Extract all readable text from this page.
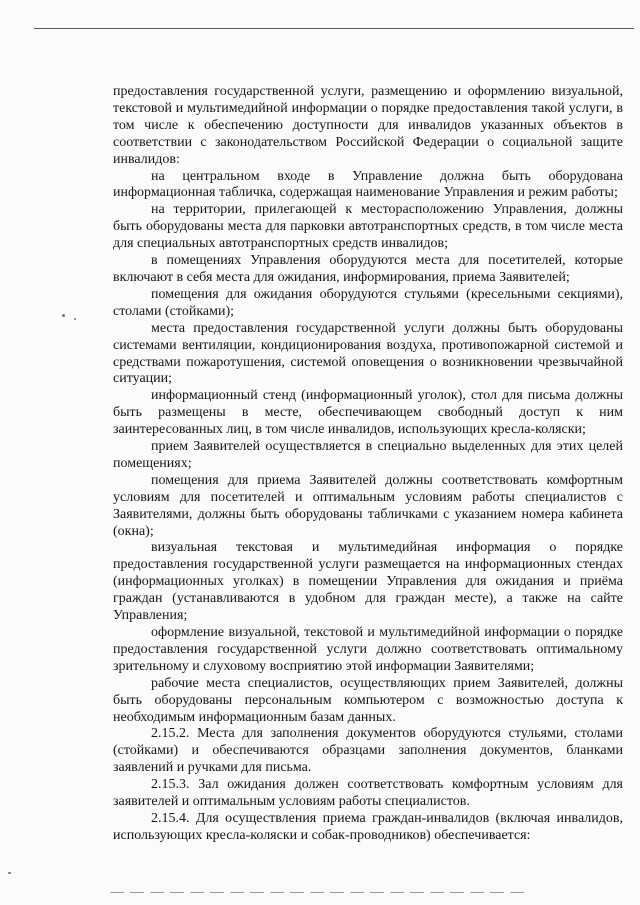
предоставления государственной услуги, размещению и оформлению визуальной, текстовой и мультимедийной информации о порядке предоставления такой услуги, в том числе к обеспечению доступности для инвалидов указанных объектов в соответствии с законодательством Российской Федерации о социальной защите инвалидов:

на центральном входе в Управление должна быть оборудована информационная табличка, содержащая наименование Управления и режим работы;

на территории, прилегающей к месторасположению Управления, должны быть оборудованы места для парковки автотранспортных средств, в том числе места для специальных автотранспортных средств инвалидов;

в помещениях Управления оборудуются места для посетителей, которые включают в себя места для ожидания, информирования, приема Заявителей;

помещения для ожидания оборудуются стульями (кресельными секциями), столами (стойками);

места предоставления государственной услуги должны быть оборудованы системами вентиляции, кондиционирования воздуха, противопожарной системой и средствами пожаротушения, системой оповещения о возникновении чрезвычайной ситуации;

информационный стенд (информационный уголок), стол для письма должны быть размещены в месте, обеспечивающем свободный доступ к ним заинтересованных лиц, в том числе инвалидов, использующих кресла-коляски;

прием Заявителей осуществляется в специально выделенных для этих целей помещениях;

помещения для приема Заявителей должны соответствовать комфортным условиям для посетителей и оптимальным условиям работы специалистов с Заявителями, должны быть оборудованы табличками с указанием номера кабинета (окна);

визуальная текстовая и мультимедийная информация о порядке предоставления государственной услуги размещается на информационных стендах (информационных уголках) в помещении Управления для ожидания и приёма граждан (устанавливаются в удобном для граждан месте), а также на сайте Управления;

оформление визуальной, текстовой и мультимедийной информации о порядке предоставления государственной услуги должно соответствовать оптимальному зрительному и слуховому восприятию этой информации Заявителями;

рабочие места специалистов, осуществляющих прием Заявителей, должны быть оборудованы персональным компьютером с возможностью доступа к необходимым информационным базам данных.

2.15.2. Места для заполнения документов оборудуются стульями, столами (стойками) и обеспечиваются образцами заполнения документов, бланками заявлений и ручками для письма.

2.15.3. Зал ожидания должен соответствовать комфортным условиям для заявителей и оптимальным условиям работы специалистов.

2.15.4. Для осуществления приема граждан-инвалидов (включая инвалидов, использующих кресла-коляски и собак-проводников) обеспечивается:
